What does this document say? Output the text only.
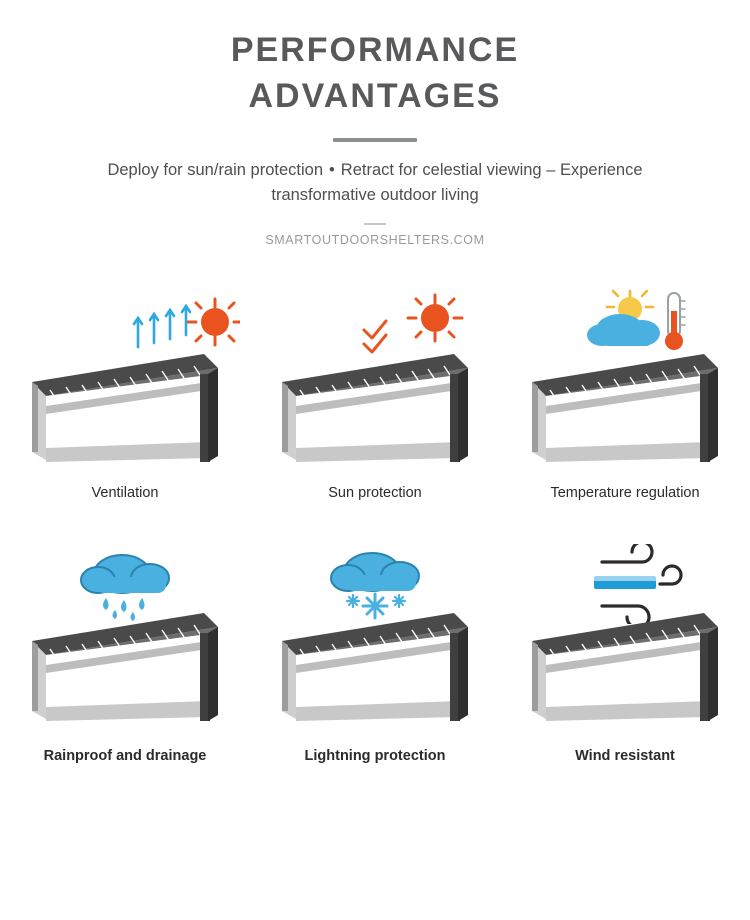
PERFORMANCE
ADVANTAGES

Deploy for sun/rain protection • Retract for celestial viewing – Experience transformative outdoor living

SMARTOUTDOORSHELTERS.COM
Ventilation	Sun protection	Temperature regulation
Rainproof and drainage	Lightning protection	Wind resistant
